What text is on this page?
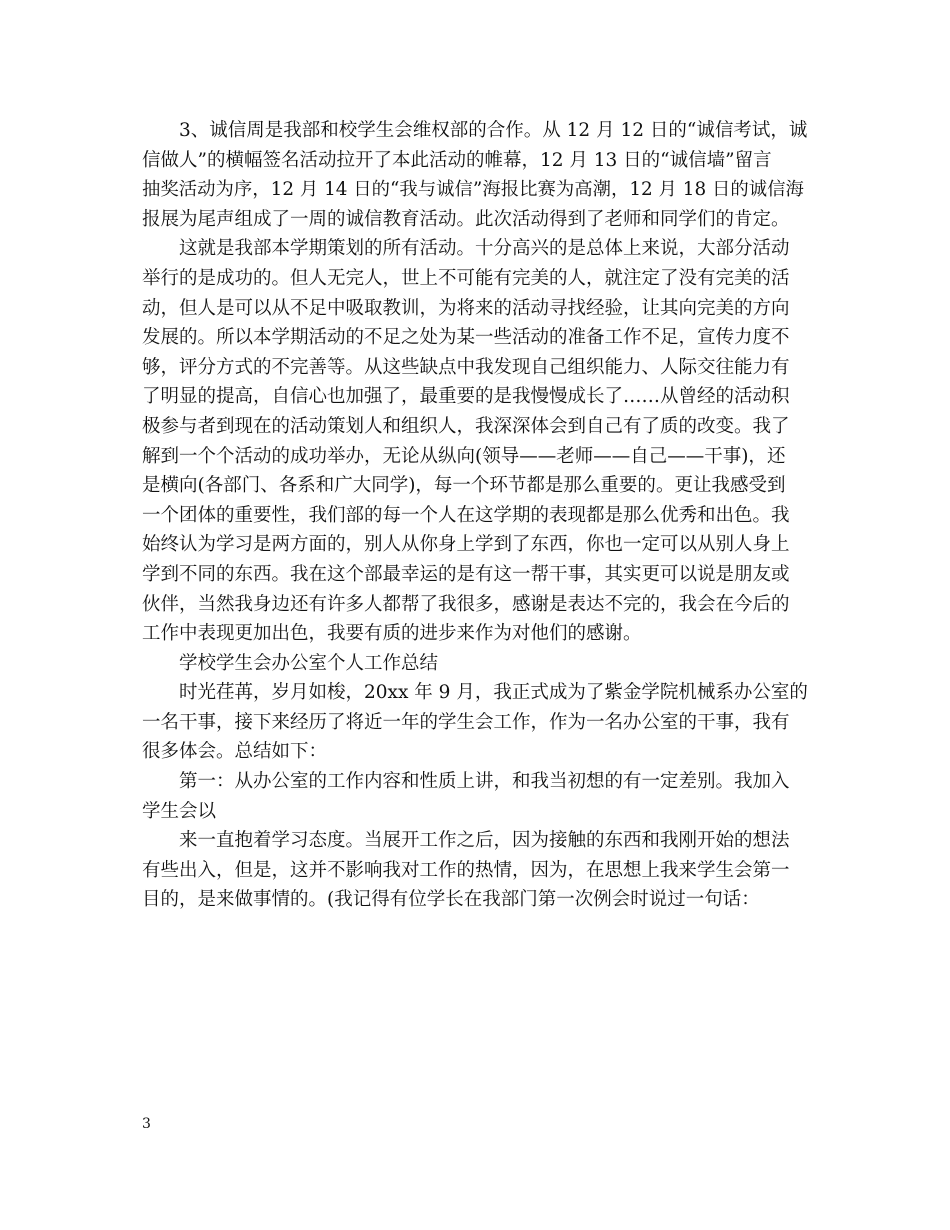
3、诚信周是我部和校学生会维权部的合作。从 12 月 12 日的“诚信考试，诚
信做人”的横幅签名活动拉开了本此活动的帷幕，12 月 13 日的“诚信墙”留言
抽奖活动为序，12 月 14 日的“我与诚信”海报比赛为高潮，12 月 18 日的诚信海
报展为尾声组成了一周的诚信教育活动。此次活动得到了老师和同学们的肯定。
这就是我部本学期策划的所有活动。十分高兴的是总体上来说，大部分活动
举行的是成功的。但人无完人，世上不可能有完美的人，就注定了没有完美的活
动，但人是可以从不足中吸取教训，为将来的活动寻找经验，让其向完美的方向
发展的。所以本学期活动的不足之处为某一些活动的准备工作不足，宣传力度不
够，评分方式的不完善等。从这些缺点中我发现自己组织能力、人际交往能力有
了明显的提高，自信心也加强了，最重要的是我慢慢成长了……从曾经的活动积
极参与者到现在的活动策划人和组织人，我深深体会到自己有了质的改变。我了
解到一个个活动的成功举办，无论从纵向(领导——老师——自己——干事)，还
是横向(各部门、各系和广大同学)，每一个环节都是那么重要的。更让我感受到
一个团体的重要性，我们部的每一个人在这学期的表现都是那么优秀和出色。我
始终认为学习是两方面的，别人从你身上学到了东西，你也一定可以从别人身上
学到不同的东西。我在这个部最幸运的是有这一帮干事，其实更可以说是朋友或
伙伴，当然我身边还有许多人都帮了我很多，感谢是表达不完的，我会在今后的
工作中表现更加出色，我要有质的进步来作为对他们的感谢。
学校学生会办公室个人工作总结
时光荏苒，岁月如梭，20xx 年 9 月，我正式成为了紫金学院机械系办公室的
一名干事，接下来经历了将近一年的学生会工作，作为一名办公室的干事，我有
很多体会。总结如下：
第一：从办公室的工作内容和性质上讲，和我当初想的有一定差别。我加入
学生会以
来一直抱着学习态度。当展开工作之后，因为接触的东西和我刚开始的想法
有些出入，但是，这并不影响我对工作的热情，因为，在思想上我来学生会第一
目的，是来做事情的。(我记得有位学长在我部门第一次例会时说过一句话：
3
